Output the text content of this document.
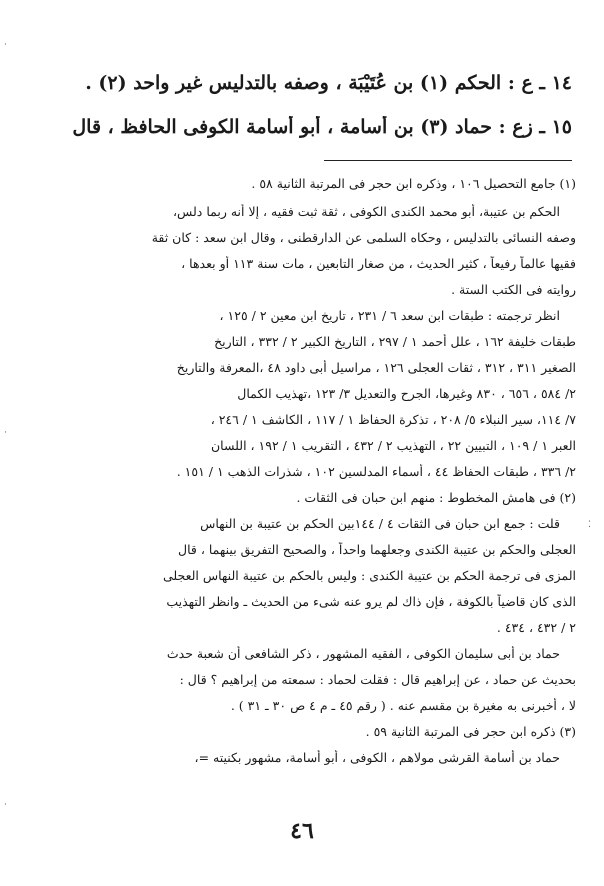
١٤ ـ ع : الحكم (١) بن عُتَيْبَة ، وصفه بالتدليس غير واحد (٢) .
١٥ ـ زع : حماد (٣) بن أسامة ، أبو أسامة الكوفى الحافظ ، قال
(١) جامع التحصيل ١٠٦ ، وذكره ابن حجر فى المرتبة الثانية ٥٨ .
الحكم بن عتيبة، أبو محمد الكندى الكوفى ، ثقة ثبت فقيه ، إلا أنه ربما دلس،
وصفه النسائى بالتدليس ، وحكاه السلمى عن الدارقطنى ، وقال ابن سعد : كان ثقة
فقيها عالماً رفيعاً ، كثير الحديث ، من صغار التابعين ، مات سنة ١١٣ أو بعدها ،
روايته فى الكتب الستة .
انظر ترجمته : طبقات ابن سعد ٦ / ٢٣١ ، تاريخ ابن معين ٢ / ١٢٥ ،
طبقات خليفة ١٦٢ ، علل أحمد ١ / ٢٩٧ ، التاريخ الكبير ٢ / ٣٣٢ ، التاريخ
الصغير ٣١١ ، ٣١٢ ، ثقات العجلى ١٢٦ ، مراسيل أبى داود ٤٨ ،المعرفة والتاريخ
٢/ ٥٨٤ ، ٦٥٦ ، ٨٣٠ وغيرها، الجرح والتعديل ٣/ ١٢٣ ،تهذيب الكمال
٧/ ١١٤، سير النبلاء ٥/ ٢٠٨ ، تذكرة الحفاظ ١ / ١١٧ ، الكاشف ١ / ٢٤٦ ،
العبر ١ / ١٠٩ ، التبيين ٢٢ ، التهذيب ٢ / ٤٣٢ ، التقريب ١ / ١٩٢ ، اللسان
٢/ ٣٣٦ ، طبقات الحفاظ ٤٤ ، أسماء المدلسين ١٠٢ ، شذرات الذهب ١ / ١٥١ .
(٢) فى هامش المخطوط : منهم ابن حبان فى الثقات .
قلت : جمع ابن حبان فى الثقات ٤ / ١٤٤بين الحكم بن عتيبة بن النهاس
العجلى والحكم بن عتيبة الكندى وجعلهما واحداً ، والصحيح التفريق بينهما ، قال
المزى فى ترجمة الحكم بن عتيبة الكندى : وليس بالحكم بن عتيبة النهاس العجلى
الذى كان قاضياً بالكوفة ، فإن ذاك لم يرو عنه شىء من الحديث ـ وانظر التهذيب
٢ / ٤٣٢ ، ٤٣٤ .
حماد بن أبى سليمان الكوفى ، الفقيه المشهور ، ذكر الشافعى أن شعبة حدث
بحديث عن حماد ، عن إبراهيم قال : فقلت لحماد : سمعته من إبراهيم ؟ قال :
لا ، أخبرنى به مغيرة بن مقسم عنه . ( رقم ٤٥ ـ م ٤ ص ٣٠ ـ ٣١ ) .
(٣) ذكره ابن حجر فى المرتبة الثانية ٥٩ .
حماد بن أسامة القرشى مولاهم ، الكوفى ، أبو أسامة، مشهور بكنيته =،
٤٦
·
·
·
⁚
